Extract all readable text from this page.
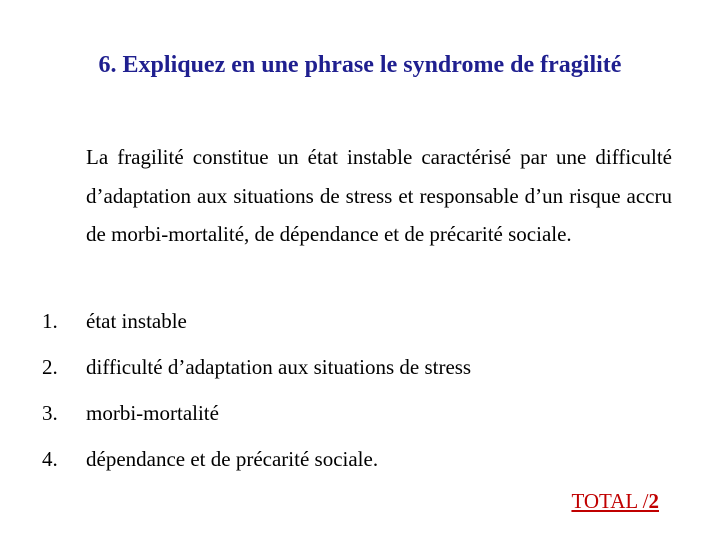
6. Expliquez en une phrase le syndrome de fragilité
La fragilité constitue un état instable caractérisé par une difficulté d’adaptation aux situations de stress et responsable d’un risque accru de morbi-mortalité, de dépendance et de précarité sociale.
1.	état instable
2.	difficulté d’adaptation aux situations de stress
3.	morbi-mortalité
4.	dépendance et de précarité sociale.
TOTAL /2
